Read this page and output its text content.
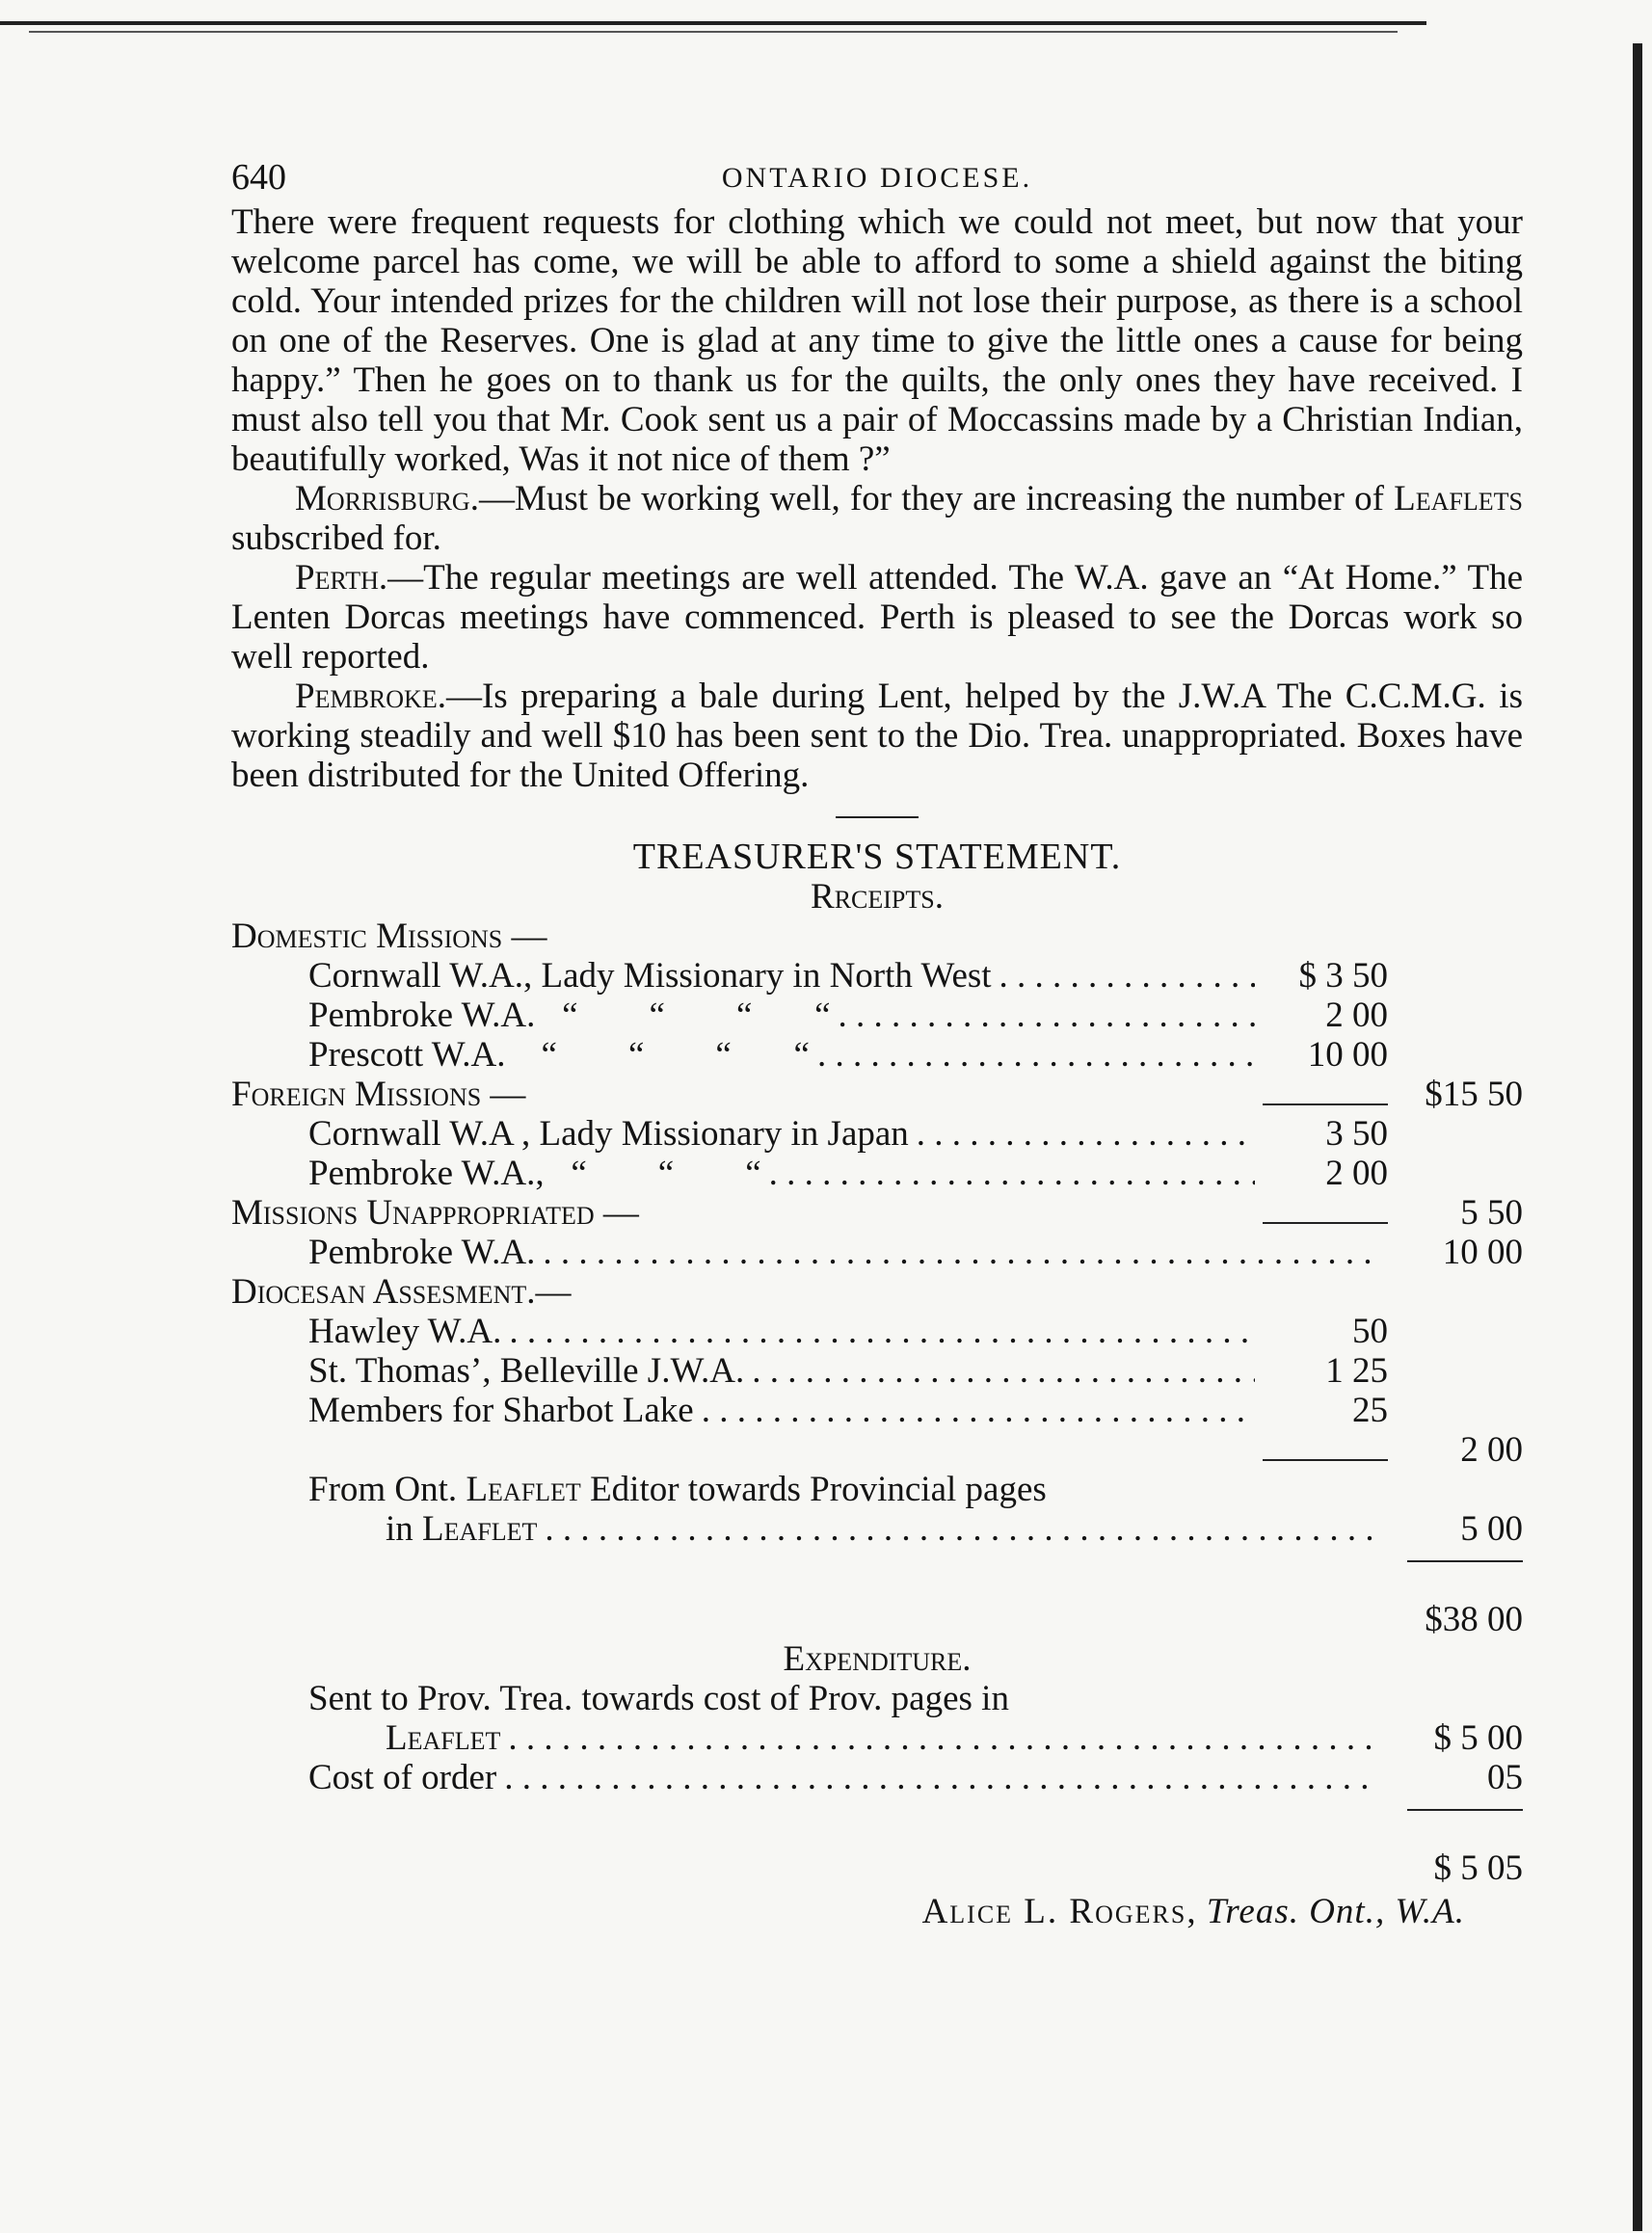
640	ONTARIO DIOCESE.

There were frequent requests for clothing which we could not meet, but now that your welcome parcel has come, we will be able to afford to some a shield against the biting cold. Your intended prizes for the children will not lose their purpose, as there is a school on one of the Reserves. One is glad at any time to give the little ones a cause for being happy.” Then he goes on to thank us for the quilts, the only ones they have received. I must also tell you that Mr. Cook sent us a pair of Moccassins made by a Christian Indian, beautifully worked, Was it not nice of them ?”

Morrisburg.—Must be working well, for they are increasing the number of Leaflets subscribed for.

Perth.—The regular meetings are well attended. The W.A. gave an “At Home.” The Lenten Dorcas meetings have commenced. Perth is pleased to see the Dorcas work so well reported.

Pembroke.—Is preparing a bale during Lent, helped by the J.W.A The C.C.M.G. is working steadily and well $10 has been sent to the Dio. Trea. unappropriated. Boxes have been distributed for the United Offering.

TREASURER'S STATEMENT.
Rrceipts.
Domestic Missions —
Cornwall W.A., Lady Missionary in North West . . .	$ 3 50
Pembroke W.A.   “        “        “       “ . . .	2 00
Prescott W.A.    “        “        “       “ . . .	10 00
Foreign Missions —	$15 50
Cornwall W.A , Lady Missionary in Japan . . .	3 50
Pembroke W.A.,   “        “        “ . . .	2 00
Missions Unappropriated —	5 50
Pembroke W.A. . . .	10 00
Diocesan Assesment.—
Hawley W.A. . . .	50
St. Thomas’, Belleville J.W.A. . . .	1 25
Members for Sharbot Lake . . .	25
2 00
From Ont. Leaflet Editor towards Provincial pages
in Leaflet . . .	5 00
$38 00
Expenditure.
Sent to Prov. Trea. towards cost of Prov. pages in
Leaflet . . .	$ 5 00
Cost of order . . .	05
$ 5 05
Alice L. Rogers, Treas. Ont., W.A.
